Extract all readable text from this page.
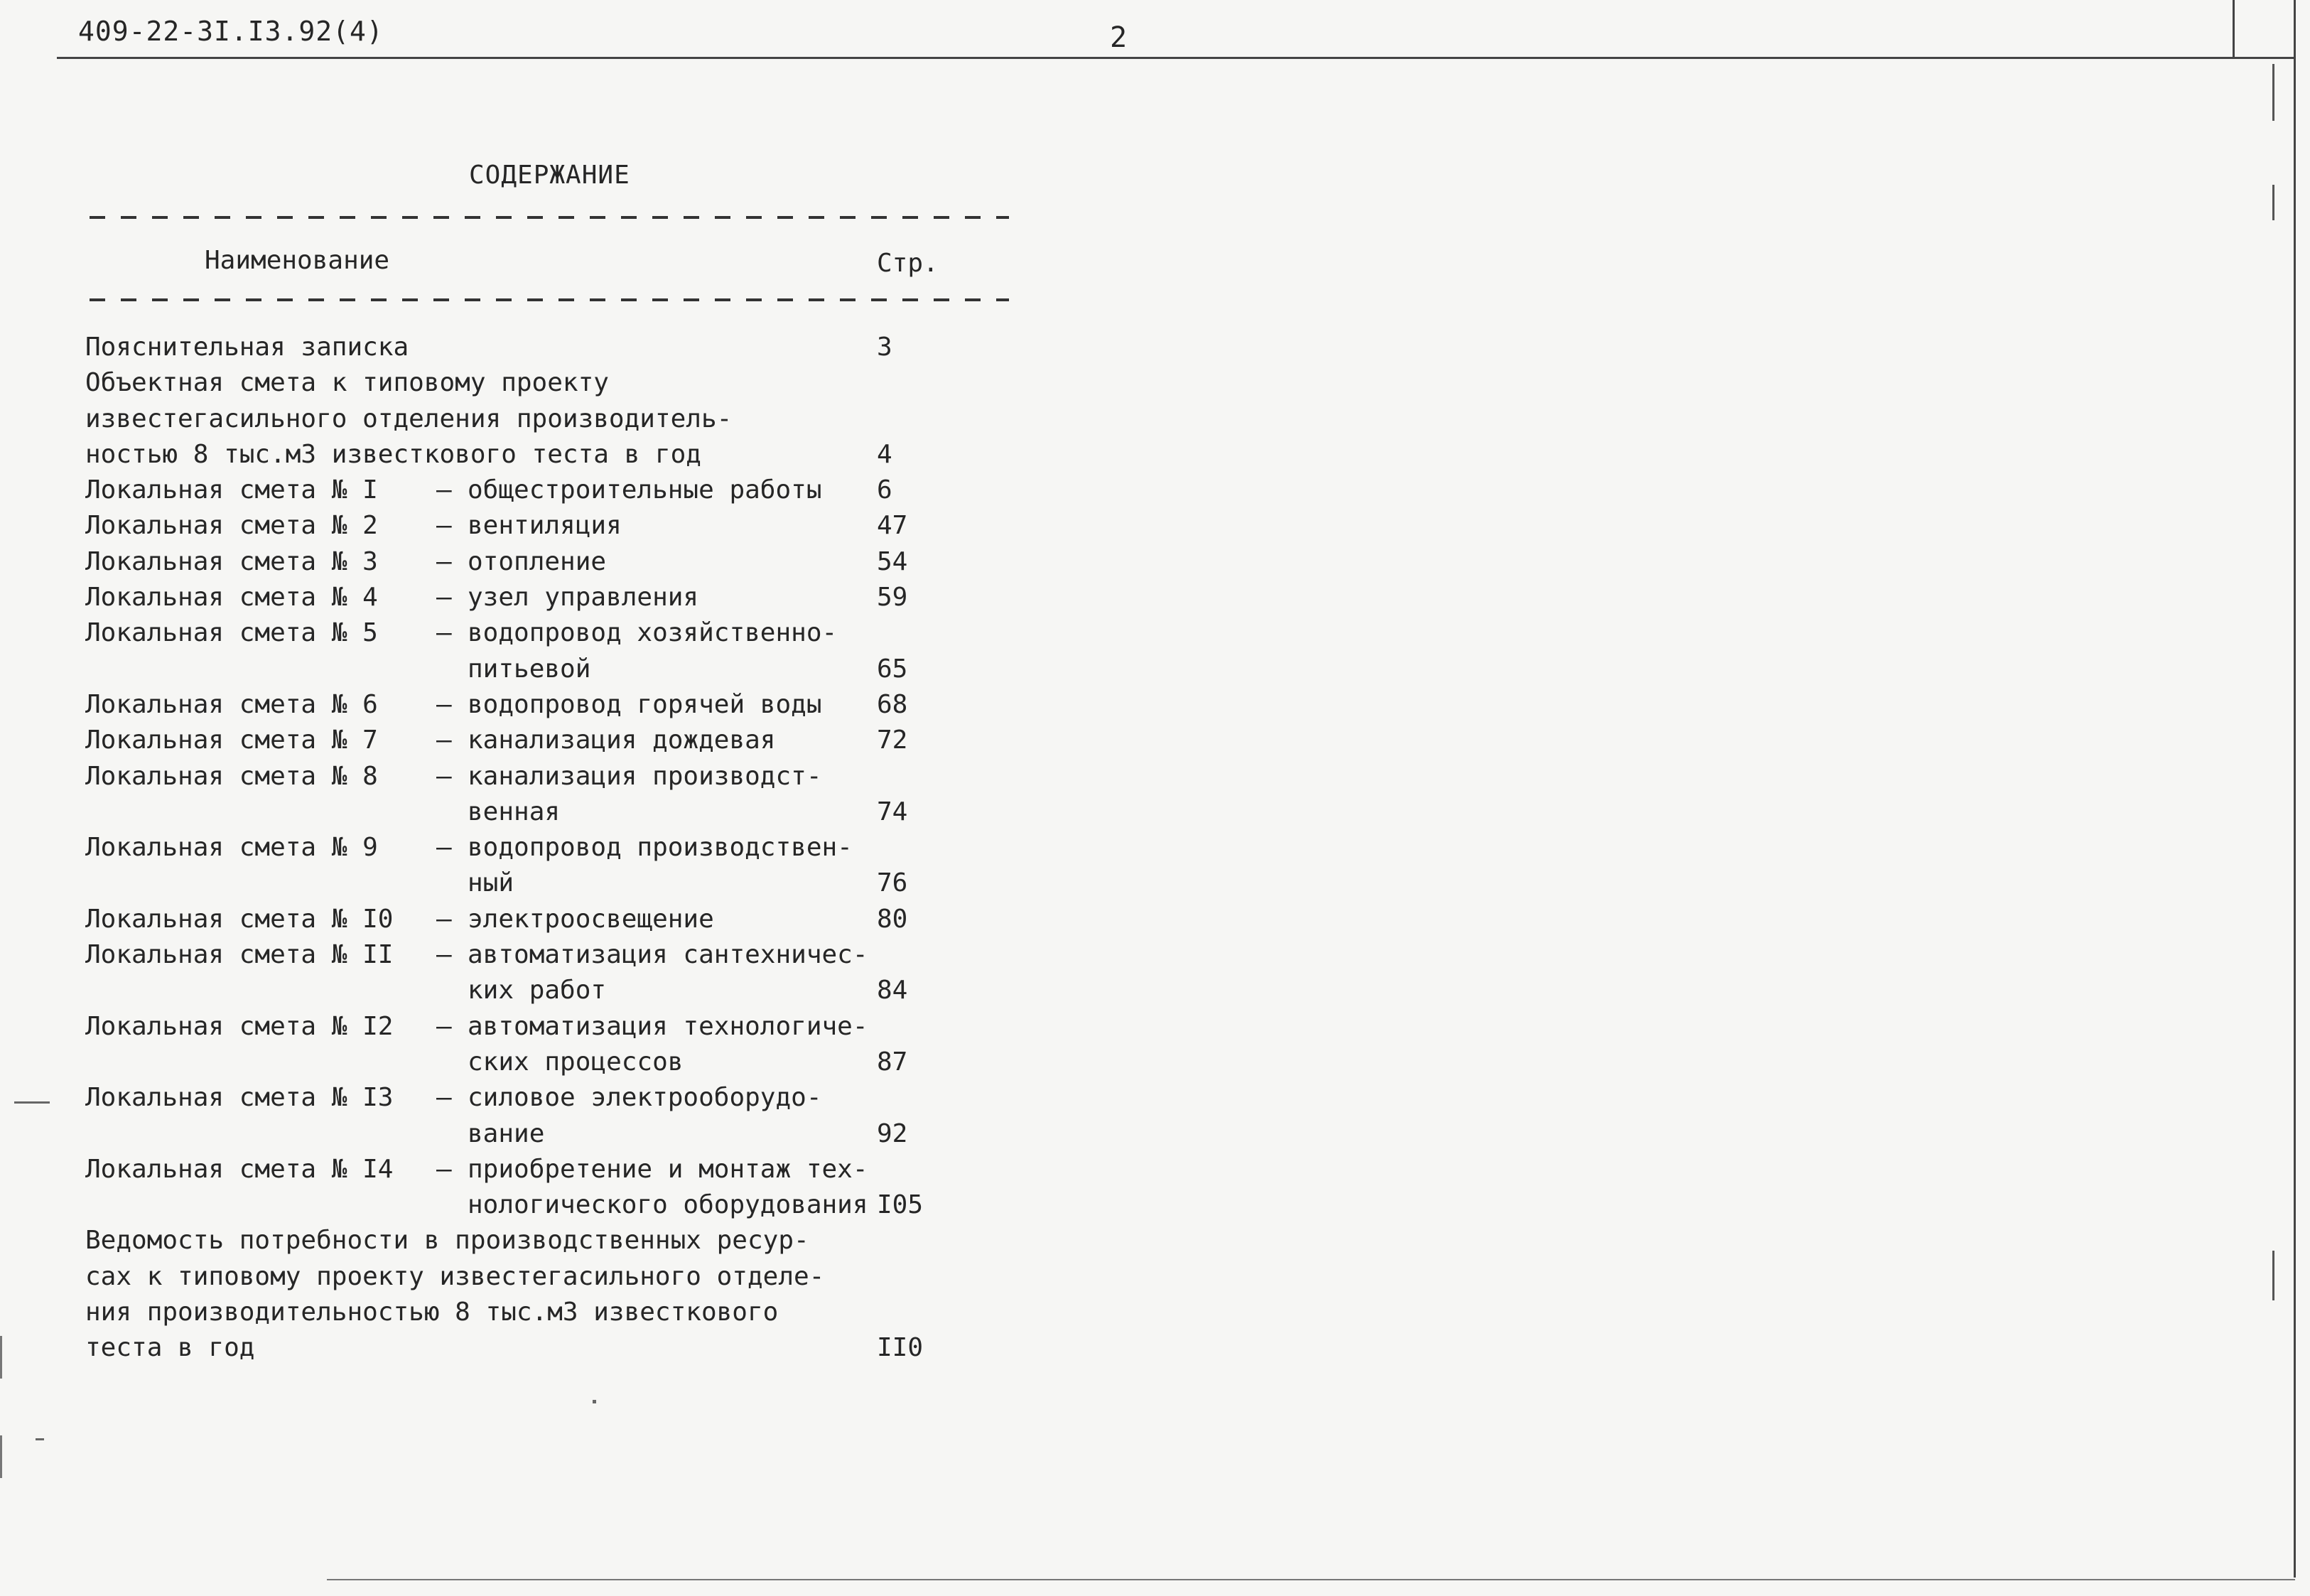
409-22-3I.I3.92(4)	2
СОДЕРЖАНИЕ
Наименование	Стр.
Пояснительная записка	3
Объектная смета к типовому проекту
известегасильного отделения производитель-
ностью 8 тыс.м3 известкового теста в год	4
Локальная смета № I – общестроительные работы 6
Локальная смета № 2 – вентиляция	47
Локальная смета № 3 – отопление	54
Локальная смета № 4 – узел управления	59
Локальная смета № 5 – водопровод хозяйственно-
питьевой	65
Локальная смета № 6 – водопровод горячей воды 68
Локальная смета № 7 – канализация дождевая	72
Локальная смета № 8 – канализация производст-
венная	74
Локальная смета № 9 – водопровод производствен-
ный	76
Локальная смета № I0 – электроосвещение	80
Локальная смета № II – автоматизация сантехничес-
ких работ	84
Локальная смета № I2 – автоматизация технологиче-
ских процессов	87
Локальная смета № I3 – силовое электрооборудо-
вание	92
Локальная смета № I4 – приобретение и монтаж тех-
нологического оборудования I05
Ведомость потребности в производственных ресур-
сах к типовому проекту известегасильного отделе-
ния производительностью 8 тыс.м3 известкового
теста в год	II0
